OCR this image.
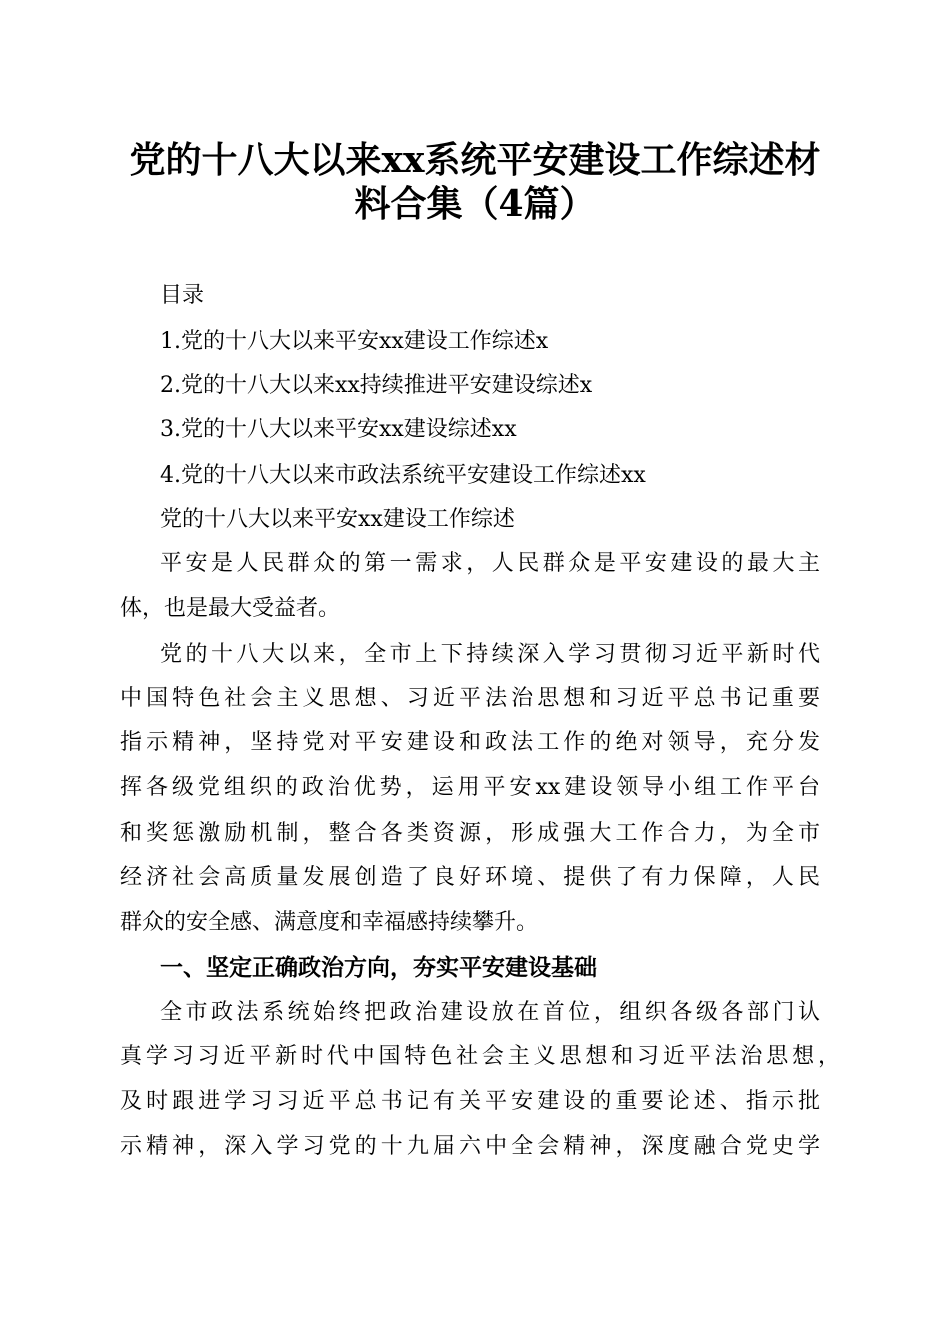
党的十八大以来xx系统平安建设工作综述材
料合集（4篇）

目录

1.党的十八大以来平安xx建设工作综述x

2.党的十八大以来xx持续推进平安建设综述x

3.党的十八大以来平安xx建设综述xx

4.党的十八大以来市政法系统平安建设工作综述xx

党的十八大以来平安xx建设工作综述

平安是人民群众的第一需求，人民群众是平安建设的最大主

体，也是最大受益者。

党的十八大以来，全市上下持续深入学习贯彻习近平新时代

中国特色社会主义思想、习近平法治思想和习近平总书记重要

指示精神，坚持党对平安建设和政法工作的绝对领导，充分发

挥各级党组织的政治优势，运用平安xx建设领导小组工作平台

和奖惩激励机制，整合各类资源，形成强大工作合力，为全市

经济社会高质量发展创造了良好环境、提供了有力保障，人民

群众的安全感、满意度和幸福感持续攀升。

一、坚定正确政治方向，夯实平安建设基础

全市政法系统始终把政治建设放在首位，组织各级各部门认

真学习习近平新时代中国特色社会主义思想和习近平法治思想，

及时跟进学习习近平总书记有关平安建设的重要论述、指示批

示精神，深入学习党的十九届六中全会精神，深度融合党史学
